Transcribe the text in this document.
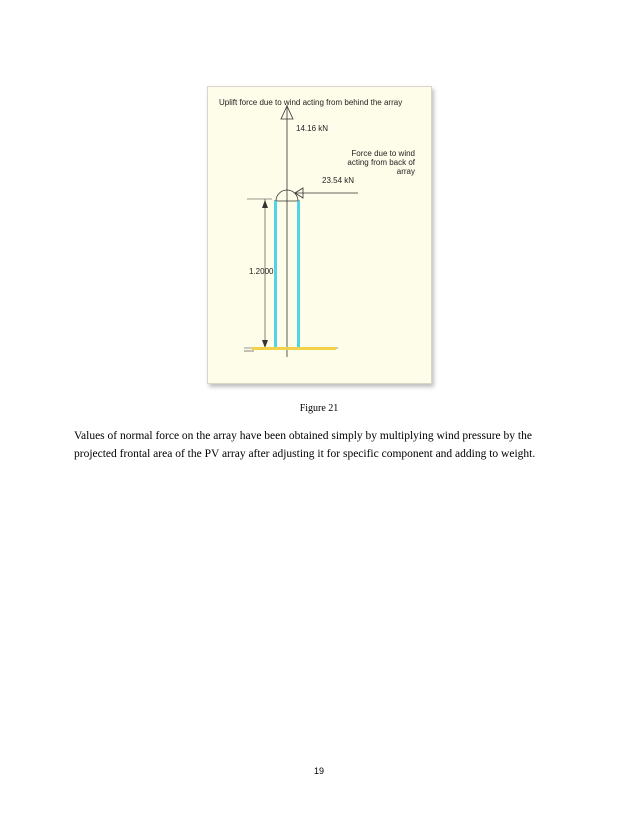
Uplift force due to wind acting from behind the array
14.16 kN
Force due to wind acting from back of array
23.54 kN
1.2000
Figure 21

Values of normal force on the array have been obtained simply by multiplying wind pressure by the projected frontal area of the PV array after adjusting it for specific component and adding to weight.

19
